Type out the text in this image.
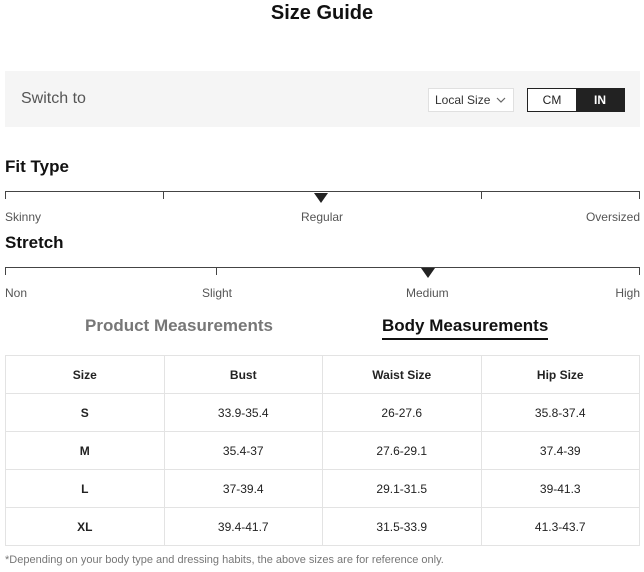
Size Guide
Switch to	Local Size	CM	IN
Fit Type
Skinny	Regular	Oversized
Stretch
Non	Slight	Medium	High
Product Measurements	Body Measurements
Size	Bust	Waist Size	Hip Size
S	33.9-35.4	26-27.6	35.8-37.4
M	35.4-37	27.6-29.1	37.4-39
L	37-39.4	29.1-31.5	39-41.3
XL	39.4-41.7	31.5-33.9	41.3-43.7
*Depending on your body type and dressing habits, the above sizes are for reference only.
